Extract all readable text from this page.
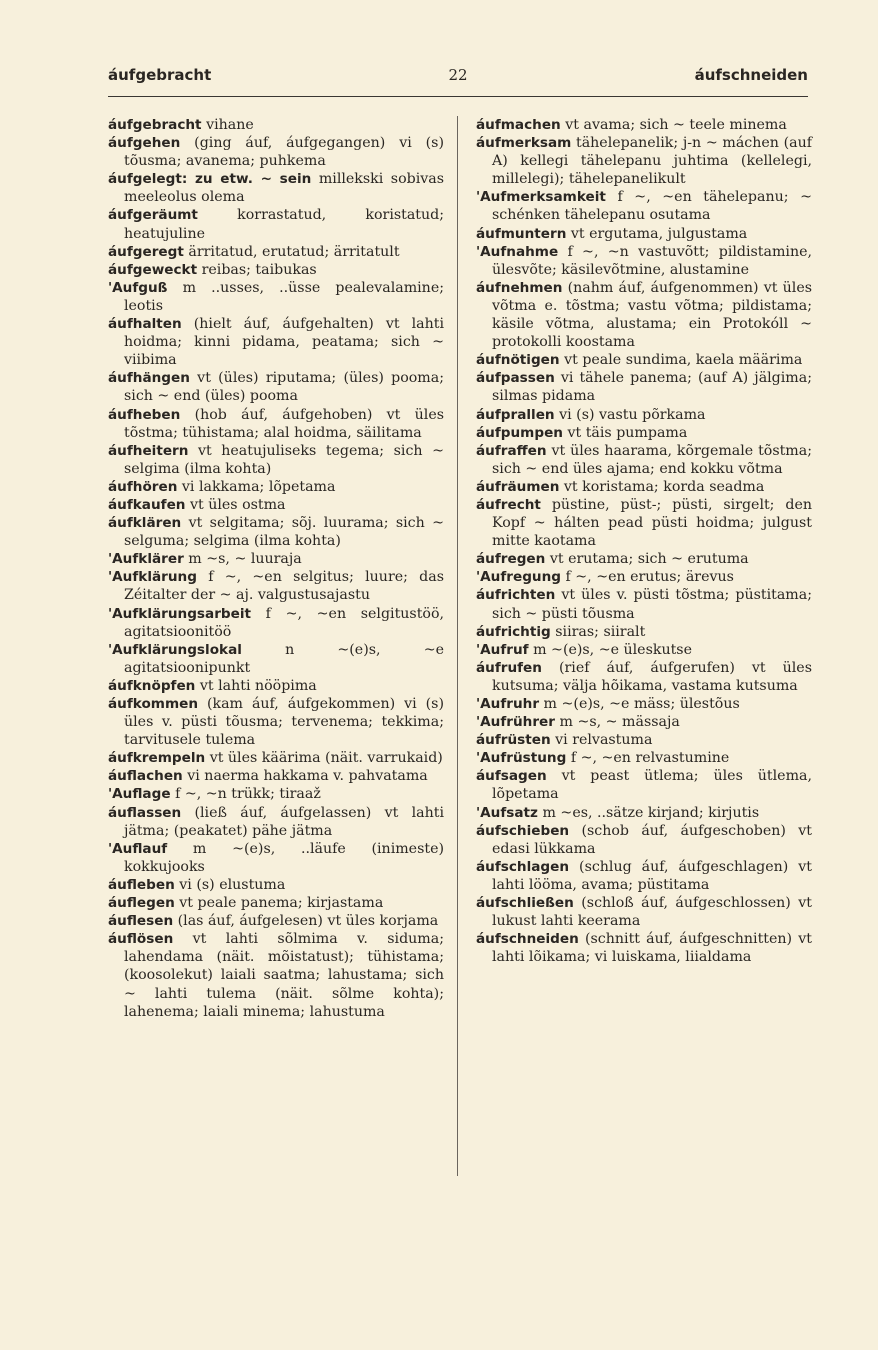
áufgebracht	22	áufschneiden

áufgebracht vihane

áufgehen (ging áuf, áufgegangen) vi (s) tõusma; avanema; puhkema

áufgelegt: zu etw. ~ sein millekski sobivas meeleolus olema

áufgeräumt korrastatud, koristatud; heatujuline

áufgeregt ärritatud, erutatud; ärritatult

áufgeweckt reibas; taibukas

'Aufguß m ..usses, ..üsse pealevalamine; leotis

áufhalten (hielt áuf, áufgehalten) vt lahti hoidma; kinni pidama, peatama; sich ~ viibima

áufhängen vt (üles) riputama; (üles) pooma; sich ~ end (üles) pooma

áufheben (hob áuf, áufgehoben) vt üles tõstma; tühistama; alal hoidma, säilitama

áufheitern vt heatujuliseks tegema; sich ~ selgima (ilma kohta)

áufhören vi lakkama; lõpetama

áufkaufen vt üles ostma

áufklären vt selgitama; sõj. luurama; sich ~ selguma; selgima (ilma kohta)

'Aufklärer m ~s, ~ luuraja

'Aufklärung f ~, ~en selgitus; luure; das Zéitalter der ~ aj. valgustusajastu

'Aufklärungsarbeit f ~, ~en selgitustöö, agitatsioonitöö

'Aufklärungslokal n ~(e)s, ~e agitatsioonipunkt

áufknöpfen vt lahti nööpima

áufkommen (kam áuf, áufgekommen) vi (s) üles v. püsti tõusma; tervenema; tekkima; tarvitusele tulema

áufkrempeln vt üles käärima (näit. varrukaid)

áuflachen vi naerma hakkama v. pahvatama

'Auflage f ~, ~n trükk; tiraaž

áuflassen (ließ áuf, áufgelassen) vt lahti jätma; (peakatet) pähe jätma

'Auflauf m ~(e)s, ..läufe (inimeste) kokkujooks

áufleben vi (s) elustuma

áuflegen vt peale panema; kirjastama

áuflesen (las áuf, áufgelesen) vt üles korjama

áuflösen vt lahti sõlmima v. siduma; lahendama (näit. mõistatust); tühistama; (koosolekut) laiali saatma; lahustama; sich ~ lahti tulema (näit. sõlme kohta); lahenema; laiali minema; lahustuma

áufmachen vt avama; sich ~ teele minema

áufmerksam tähelepanelik; j-n ~ máchen (auf A) kellegi tähelepanu juhtima (kellelegi, millelegi); tähelepanelikult

'Aufmerksamkeit f ~, ~en tähelepanu; ~ schénken tähelepanu osutama

áufmuntern vt ergutama, julgustama

'Aufnahme f ~, ~n vastuvõtt; pildistamine, ülesvõte; käsilevõtmine, alustamine

áufnehmen (nahm áuf, áufgenommen) vt üles võtma e. tõstma; vastu võtma; pildistama; käsile võtma, alustama; ein Protokóll ~ protokolli koostama

áufnötigen vt peale sundima, kaela määrima

áufpassen vi tähele panema; (auf A) jälgima; silmas pidama

áufprallen vi (s) vastu põrkama

áufpumpen vt täis pumpama

áufraffen vt üles haarama, kõrgemale tõstma; sich ~ end üles ajama; end kokku võtma

áufräumen vt koristama; korda seadma

áufrecht püstine, püst-; püsti, sirgelt; den Kopf ~ hálten pead püsti hoidma; julgust mitte kaotama

áufregen vt erutama; sich ~ erutuma

'Aufregung f ~, ~en erutus; ärevus

áufrichten vt üles v. püsti tõstma; püstitama; sich ~ püsti tõusma

áufrichtig siiras; siiralt

'Aufruf m ~(e)s, ~e üleskutse

áufrufen (rief áuf, áufgerufen) vt üles kutsuma; välja hõikama, vastama kutsuma

'Aufruhr m ~(e)s, ~e mäss; ülestõus

'Aufrührer m ~s, ~ mässaja

áufrüsten vi relvastuma

'Aufrüstung f ~, ~en relvastumine

áufsagen vt peast ütlema; üles ütlema, lõpetama

'Aufsatz m ~es, ..sätze kirjand; kirjutis

áufschieben (schob áuf, áufgeschoben) vt edasi lükkama

áufschlagen (schlug áuf, áufgeschlagen) vt lahti lööma, avama; püstitama

áufschließen (schloß áuf, áufgeschlossen) vt lukust lahti keerama

áufschneiden (schnitt áuf, áufgeschnitten) vt lahti lõikama; vi luiskama, liialdama
